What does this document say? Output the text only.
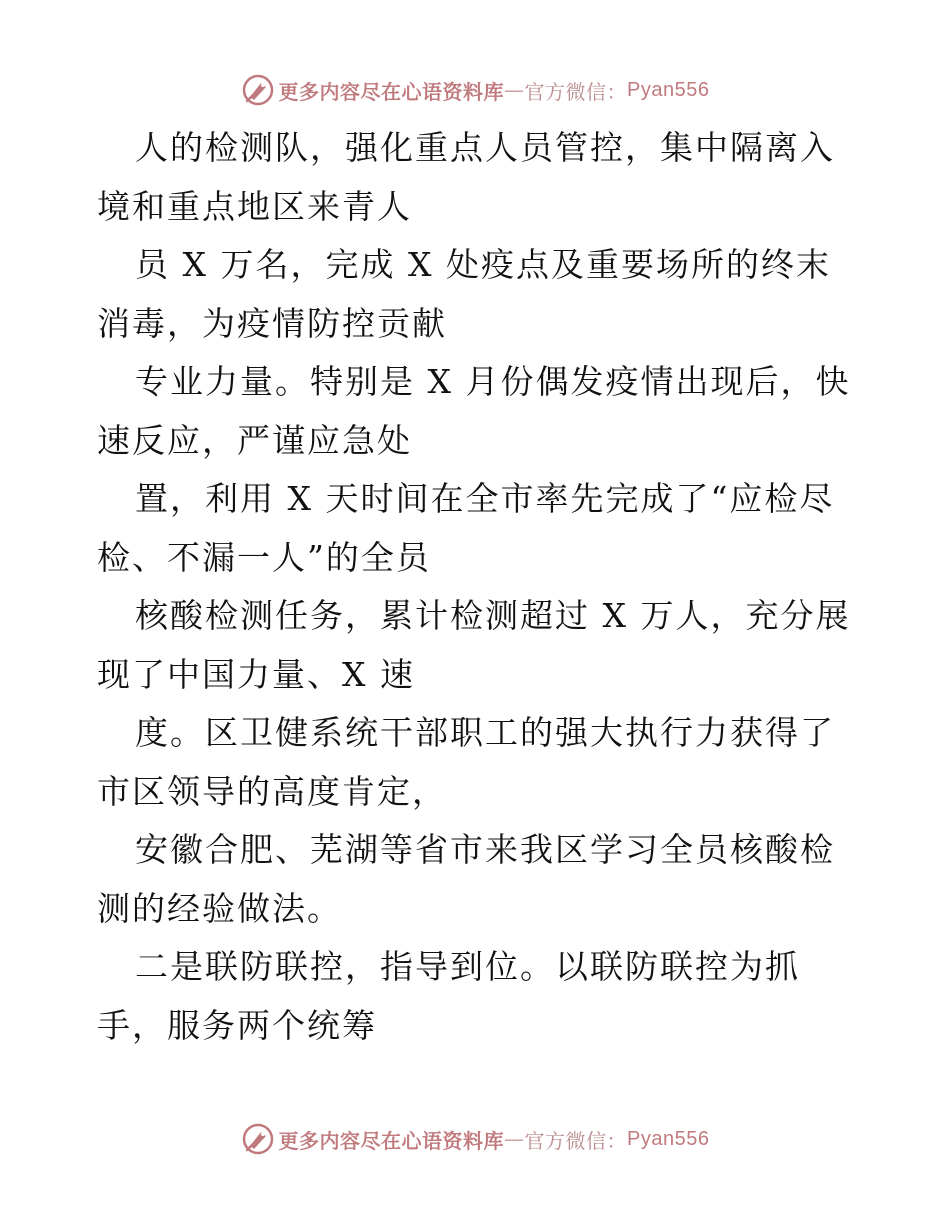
更多内容尽在心语资料库 — 官方微信： Pyan556

人的检测队，强化重点人员管控，集中隔离入境和重点地区来青人

员 X 万名，完成 X 处疫点及重要场所的终末消毒，为疫情防控贡献

专业力量。特别是 X 月份偶发疫情出现后，快速反应，严谨应急处

置，利用 X 天时间在全市率先完成了“应检尽检、不漏一人”的全员

核酸检测任务，累计检测超过 X 万人，充分展现了中国力量、X 速

度。区卫健系统干部职工的强大执行力获得了市区领导的高度肯定，

安徽合肥、芜湖等省市来我区学习全员核酸检测的经验做法。

二是联防联控，指导到位。以联防联控为抓手，服务两个统筹

更多内容尽在心语资料库 — 官方微信： Pyan556
